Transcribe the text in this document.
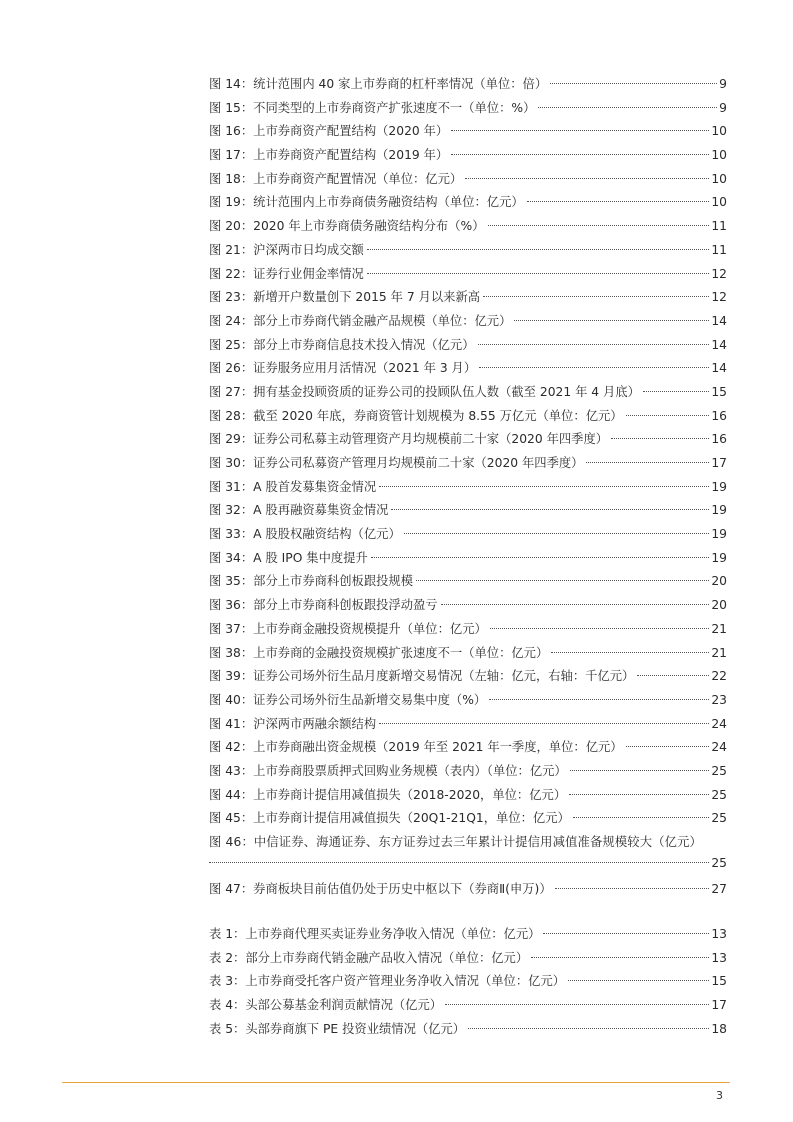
图 14：统计范围内 40 家上市券商的杠杆率情况（单位：倍）	9
图 15：不同类型的上市券商资产扩张速度不一（单位：%）	9
图 16：上市券商资产配置结构（2020 年）	10
图 17：上市券商资产配置结构（2019 年）	10
图 18：上市券商资产配置情况（单位：亿元）	10
图 19：统计范围内上市券商债务融资结构（单位：亿元）	10
图 20：2020 年上市券商债务融资结构分布（%）	11
图 21：沪深两市日均成交额	11
图 22：证券行业佣金率情况	12
图 23：新增开户数量创下 2015 年 7 月以来新高	12
图 24：部分上市券商代销金融产品规模（单位：亿元）	14
图 25：部分上市券商信息技术投入情况（亿元）	14
图 26：证券服务应用月活情况（2021 年 3 月）	14
图 27：拥有基金投顾资质的证券公司的投顾队伍人数（截至 2021 年 4 月底）	15
图 28：截至 2020 年底，券商资管计划规模为 8.55 万亿元（单位：亿元）	16
图 29：证券公司私募主动管理资产月均规模前二十家（2020 年四季度）	16
图 30：证券公司私募资产管理月均规模前二十家（2020 年四季度）	17
图 31：A 股首发募集资金情况	19
图 32：A 股再融资募集资金情况	19
图 33：A 股股权融资结构（亿元）	19
图 34：A 股 IPO 集中度提升	19
图 35：部分上市券商科创板跟投规模	20
图 36：部分上市券商科创板跟投浮动盈亏	20
图 37：上市券商金融投资规模提升（单位：亿元）	21
图 38：上市券商的金融投资规模扩张速度不一（单位：亿元）	21
图 39：证券公司场外衍生品月度新增交易情况（左轴：亿元，右轴：千亿元）	22
图 40：证券公司场外衍生品新增交易集中度（%）	23
图 41：沪深两市两融余额结构	24
图 42：上市券商融出资金规模（2019 年至 2021 年一季度，单位：亿元）	24
图 43：上市券商股票质押式回购业务规模（表内）（单位：亿元）	25
图 44：上市券商计提信用减值损失（2018-2020，单位：亿元）	25
图 45：上市券商计提信用减值损失（20Q1-21Q1，单位：亿元）	25
图 46：中信证券、海通证券、东方证券过去三年累计计提信用减值准备规模较大（亿元）
25
图 47：券商板块目前估值仍处于历史中枢以下（券商Ⅱ(申万)）	27
表 1：上市券商代理买卖证券业务净收入情况（单位：亿元）	13
表 2：部分上市券商代销金融产品收入情况（单位：亿元）	13
表 3：上市券商受托客户资产管理业务净收入情况（单位：亿元）	15
表 4：头部公募基金利润贡献情况（亿元）	17
表 5：头部券商旗下 PE 投资业绩情况（亿元）	18
3
